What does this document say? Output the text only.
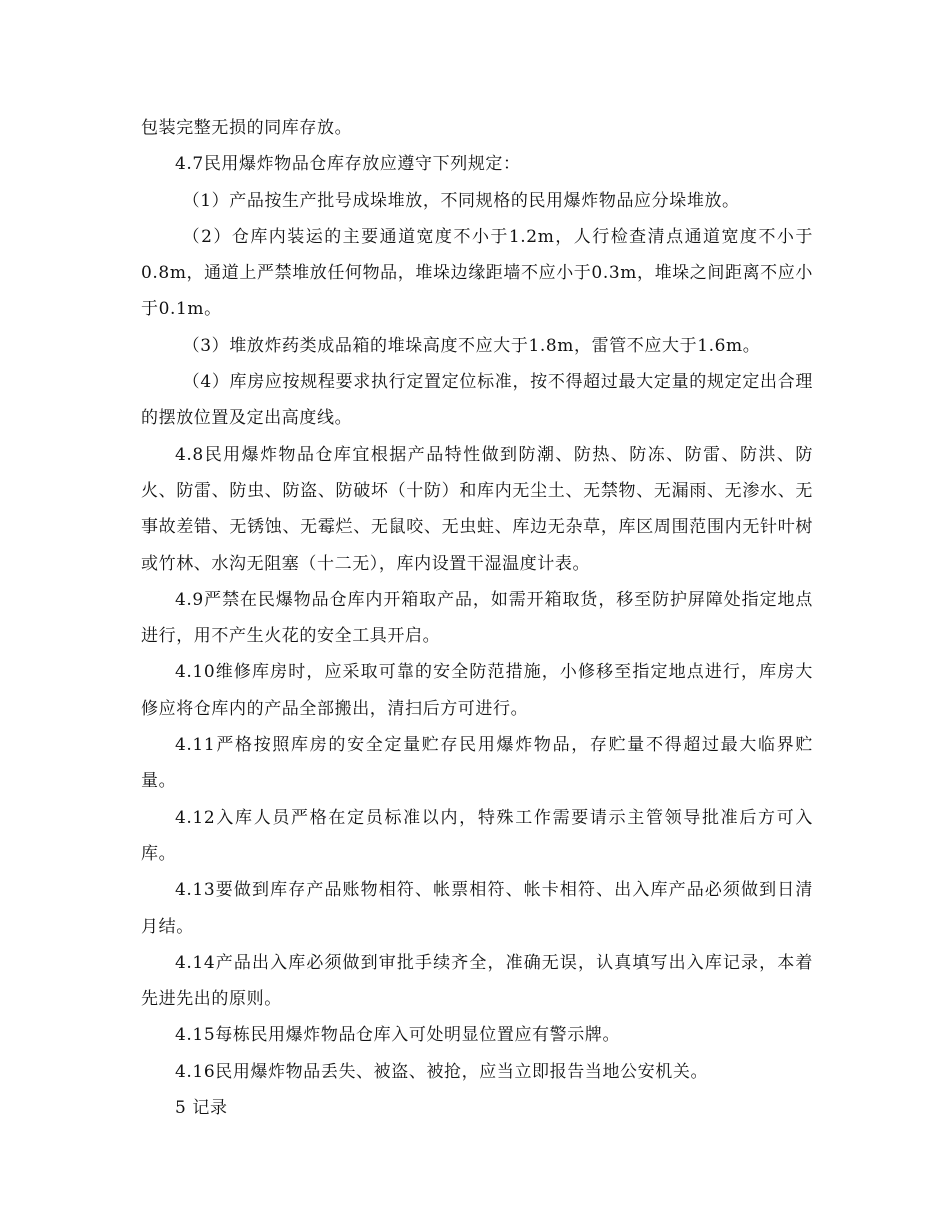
包装完整无损的同库存放。

4.7民用爆炸物品仓库存放应遵守下列规定：

（1）产品按生产批号成垛堆放，不同规格的民用爆炸物品应分垛堆放。

（2）仓库内装运的主要通道宽度不小于1.2m，人行检查清点通道宽度不小于0.8m，通道上严禁堆放任何物品，堆垛边缘距墙不应小于0.3m，堆垛之间距离不应小于0.1m。

（3）堆放炸药类成品箱的堆垛高度不应大于1.8m，雷管不应大于1.6m。

（4）库房应按规程要求执行定置定位标准，按不得超过最大定量的规定定出合理的摆放位置及定出高度线。

4.8民用爆炸物品仓库宜根据产品特性做到防潮、防热、防冻、防雷、防洪、防火、防雷、防虫、防盗、防破坏（十防）和库内无尘土、无禁物、无漏雨、无渗水、无事故差错、无锈蚀、无霉烂、无鼠咬、无虫蛀、库边无杂草，库区周围范围内无针叶树或竹林、水沟无阻塞（十二无），库内设置干湿温度计表。

4.9严禁在民爆物品仓库内开箱取产品，如需开箱取货，移至防护屏障处指定地点进行，用不产生火花的安全工具开启。

4.10维修库房时，应采取可靠的安全防范措施，小修移至指定地点进行，库房大修应将仓库内的产品全部搬出，清扫后方可进行。

4.11严格按照库房的安全定量贮存民用爆炸物品，存贮量不得超过最大临界贮量。

4.12入库人员严格在定员标准以内，特殊工作需要请示主管领导批准后方可入库。

4.13要做到库存产品账物相符、帐票相符、帐卡相符、出入库产品必须做到日清月结。

4.14产品出入库必须做到审批手续齐全，准确无误，认真填写出入库记录，本着先进先出的原则。

4.15每栋民用爆炸物品仓库入可处明显位置应有警示牌。

4.16民用爆炸物品丢失、被盗、被抢，应当立即报告当地公安机关。

5 记录
